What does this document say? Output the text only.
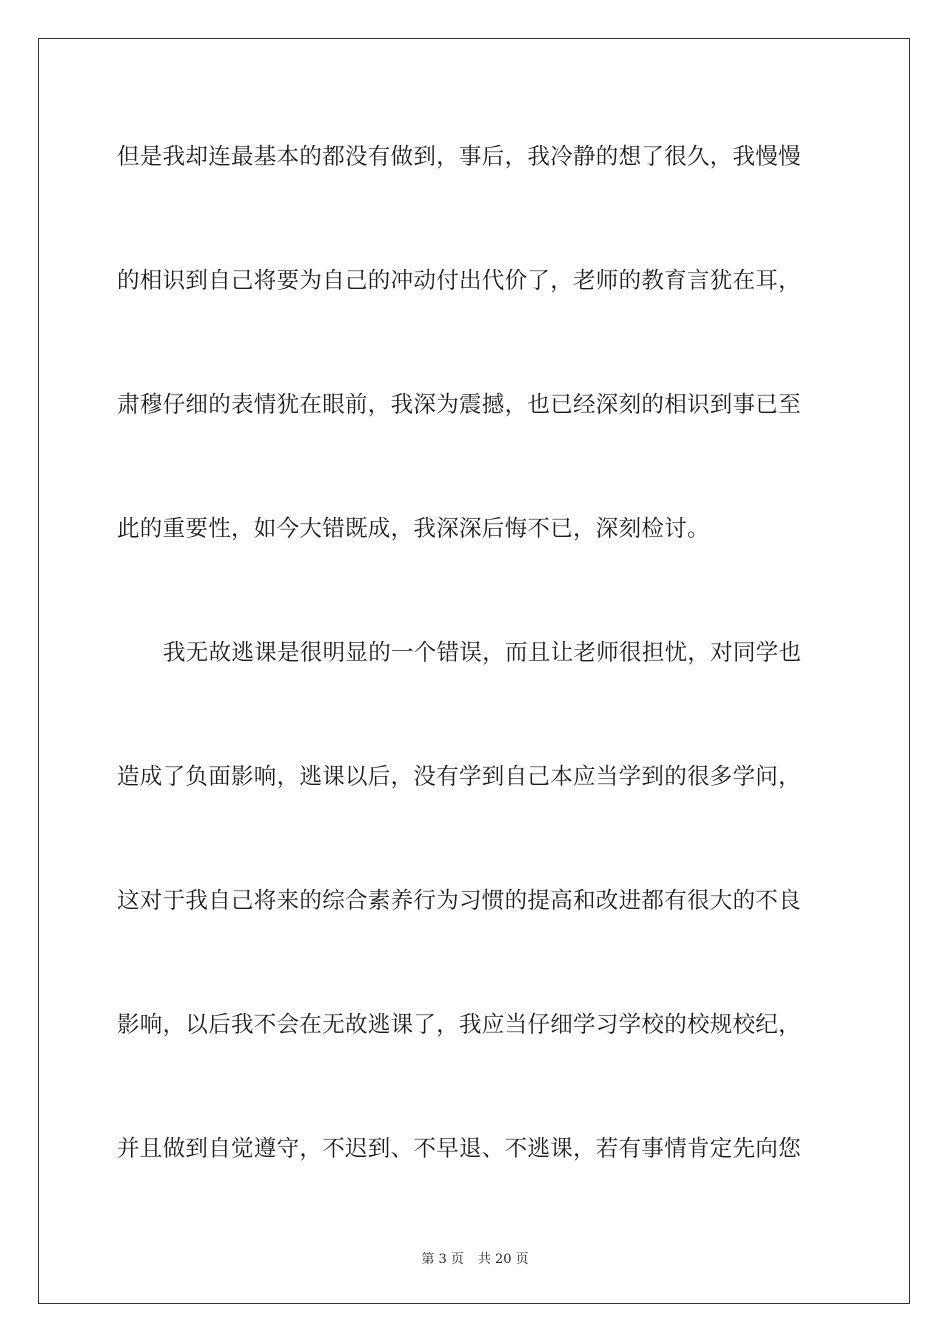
但是我却连最基本的都没有做到，事后，我冷静的想了很久，我慢慢
的相识到自己将要为自己的冲动付出代价了，老师的教育言犹在耳，
肃穆仔细的表情犹在眼前，我深为震撼，也已经深刻的相识到事已至
此的重要性，如今大错既成，我深深后悔不已，深刻检讨。
我无故逃课是很明显的一个错误，而且让老师很担忧，对同学也
造成了负面影响，逃课以后，没有学到自己本应当学到的很多学问，
这对于我自己将来的综合素养行为习惯的提高和改进都有很大的不良
影响，以后我不会在无故逃课了，我应当仔细学习学校的校规校纪，
并且做到自觉遵守，不迟到、不早退、不逃课，若有事情肯定先向您
第 3 页 共 20 页
